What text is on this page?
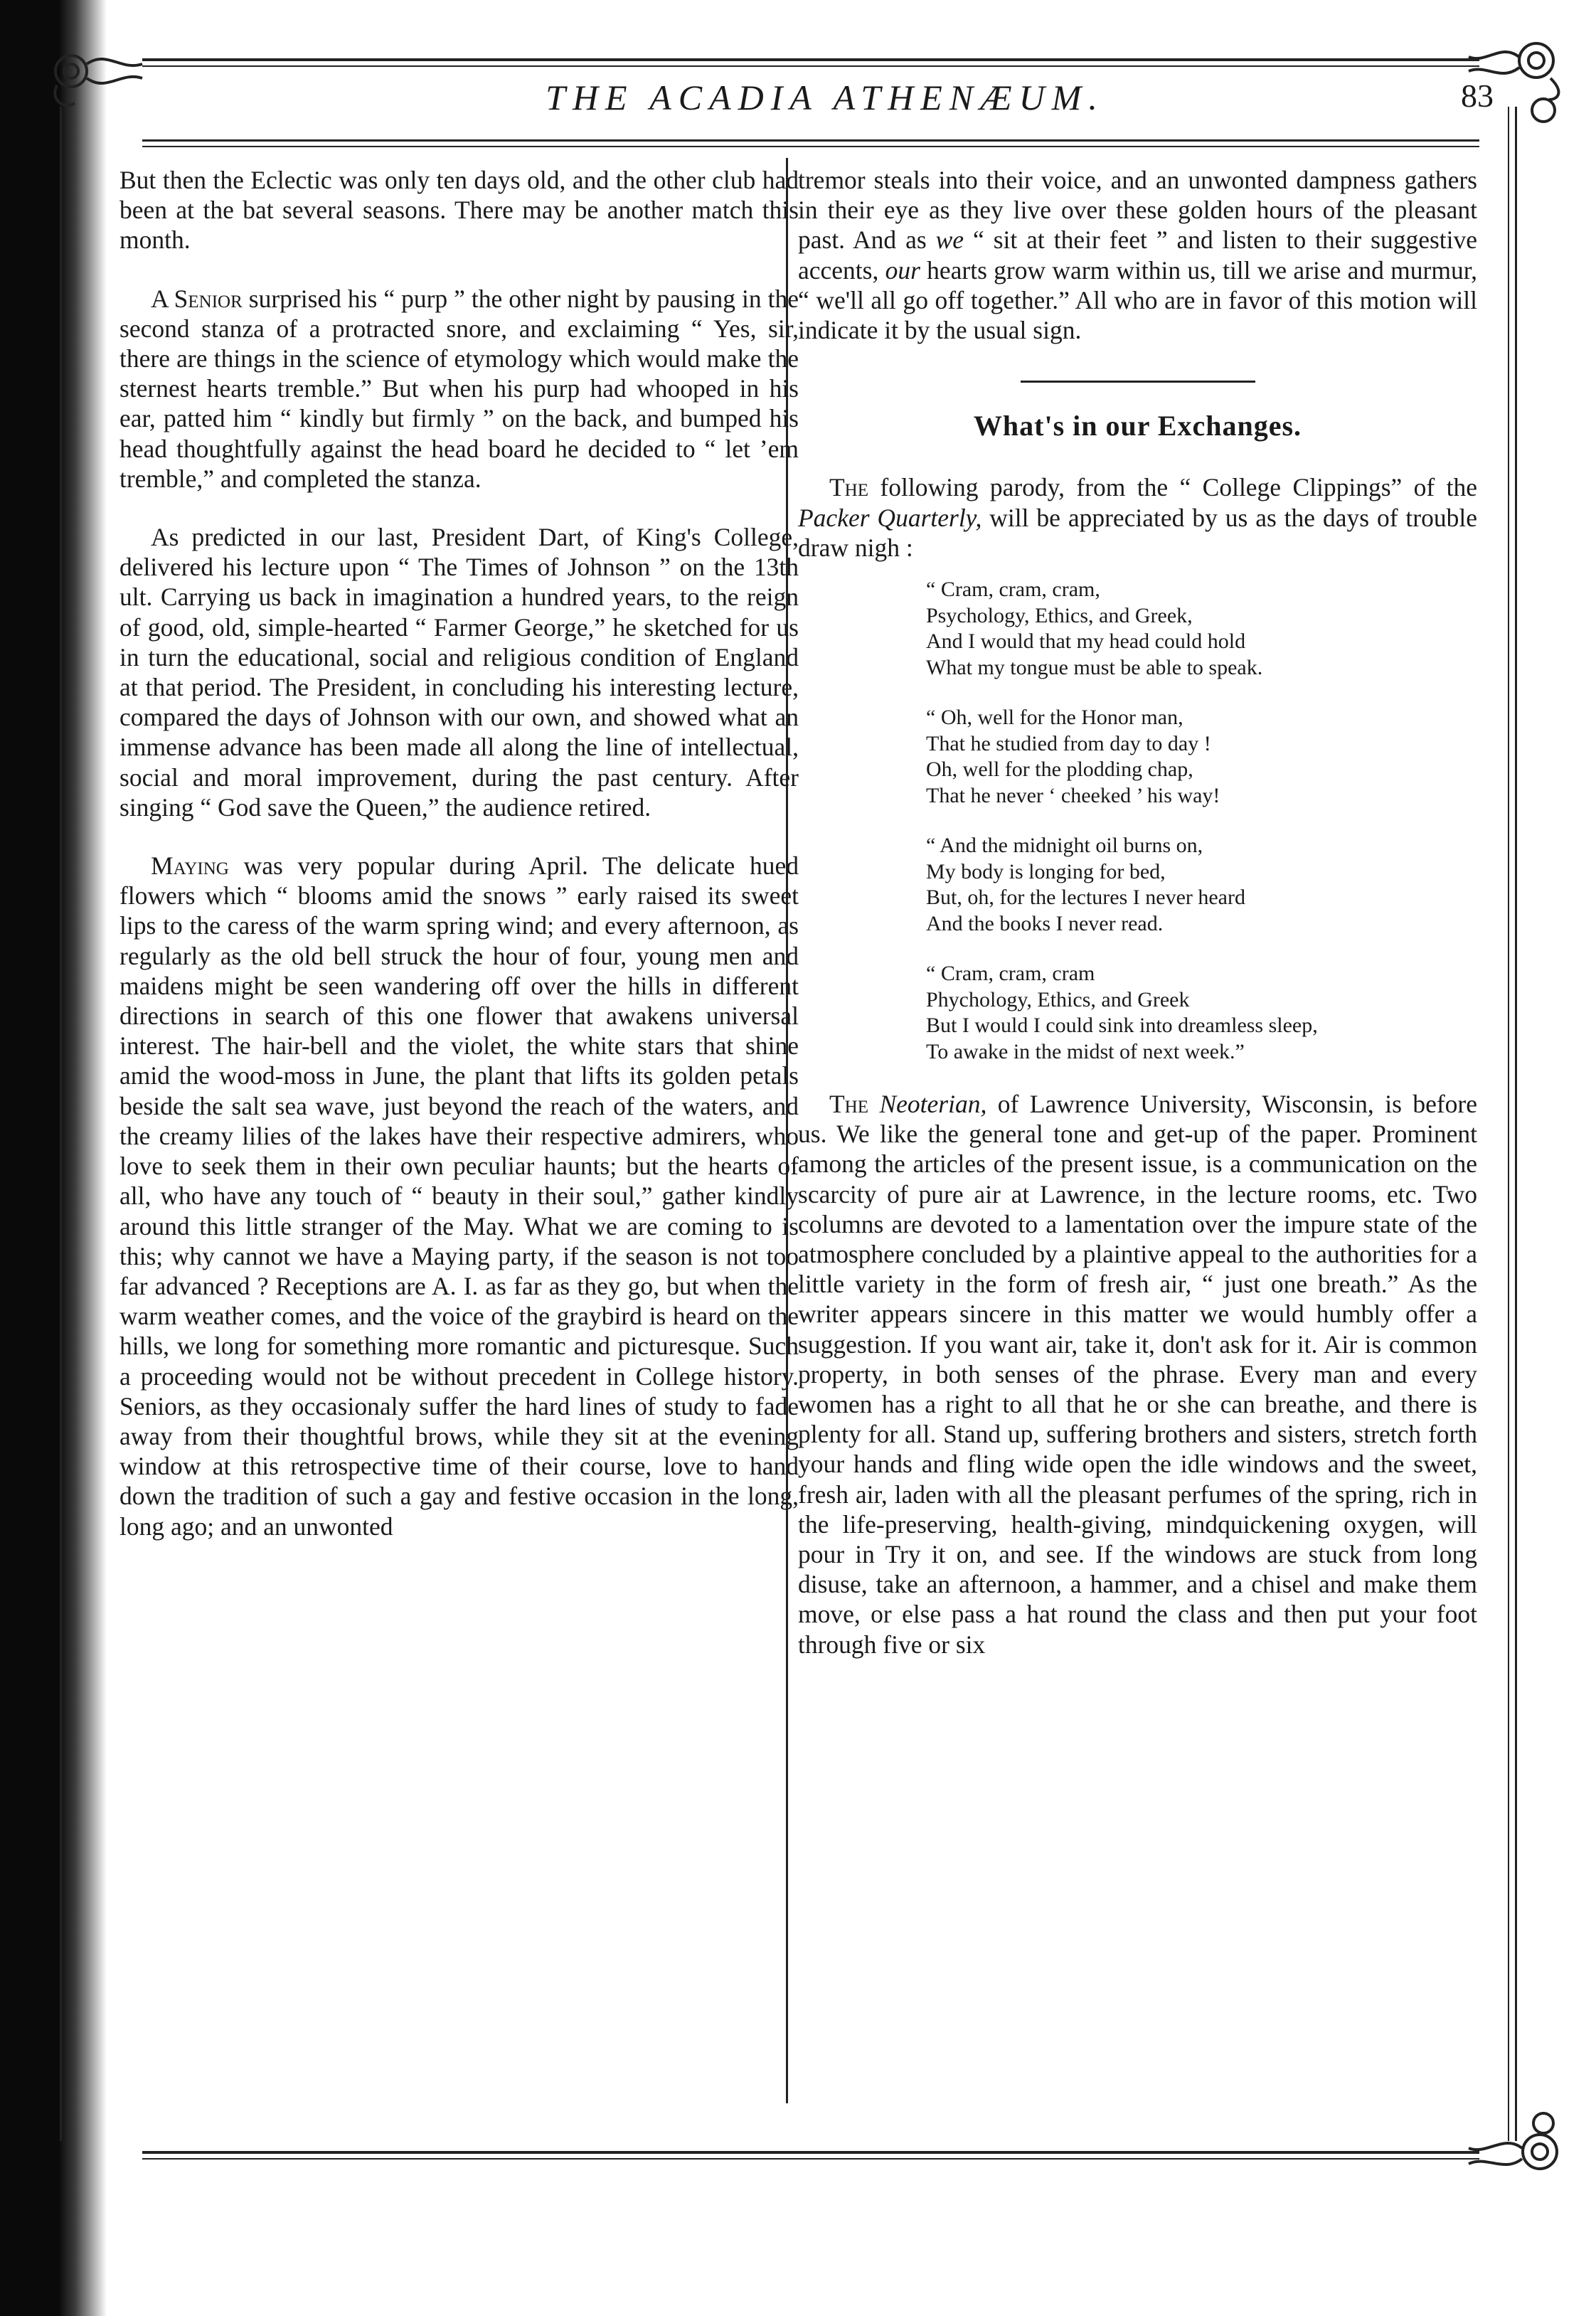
THE ACADIA ATHENÆUM.	83

But then the Eclectic was only ten days old, and the other club had been at the bat several seasons. There may be another match this month.

A Senior surprised his “ purp ” the other night by pausing in the second stanza of a protracted snore, and exclaiming “ Yes, sir, there are things in the science of etymology which would make the sternest hearts tremble.” But when his purp had whooped in his ear, patted him “ kindly but firmly ” on the back, and bumped his head thoughtfully against the head board he decided to “ let ’em tremble,” and completed the stanza.

As predicted in our last, President Dart, of King's College, delivered his lecture upon “ The Times of Johnson ” on the 13th ult. Carrying us back in imagination a hundred years, to the reign of good, old, simple-hearted “ Farmer George,” he sketched for us in turn the educational, social and religious condition of England at that period. The President, in concluding his interesting lecture, compared the days of Johnson with our own, and showed what an immense advance has been made all along the line of intellectual, social and moral improvement, during the past century. After singing “ God save the Queen,” the audience retired.

Maying was very popular during April. The delicate hued flowers which “ blooms amid the snows ” early raised its sweet lips to the caress of the warm spring wind; and every afternoon, as regularly as the old bell struck the hour of four, young men and maidens might be seen wandering off over the hills in different directions in search of this one flower that awakens universal interest. The hair-bell and the violet, the white stars that shine amid the wood-moss in June, the plant that lifts its golden petals beside the salt sea wave, just beyond the reach of the waters, and the creamy lilies of the lakes have their respective admirers, who love to seek them in their own peculiar haunts; but the hearts of all, who have any touch of “ beauty in their soul,” gather kindly around this little stranger of the May. What we are coming to is this; why cannot we have a Maying party, if the season is not too far advanced ? Receptions are A. I. as far as they go, but when the warm weather comes, and the voice of the graybird is heard on the hills, we long for something more romantic and picturesque. Such a proceeding would not be without precedent in College history. Seniors, as they occasionaly suffer the hard lines of study to fade away from their thoughtful brows, while they sit at the evening window at this retrospective time of their course, love to hand down the tradition of such a gay and festive occasion in the long, long ago; and an unwonted

tremor steals into their voice, and an unwonted dampness gathers in their eye as they live over these golden hours of the pleasant past. And as we “ sit at their feet ” and listen to their suggestive accents, our hearts grow warm within us, till we arise and murmur, “ we'll all go off together.” All who are in favor of this motion will indicate it by the usual sign.

What's in our Exchanges.

The following parody, from the “ College Clippings” of the Packer Quarterly, will be appreciated by us as the days of trouble draw nigh :

“ Cram, cram, cram,
Psychology, Ethics, and Greek,
And I would that my head could hold
What my tongue must be able to speak.
“ Oh, well for the Honor man,
That he studied from day to day !
Oh, well for the plodding chap,
That he never ‘ cheeked ’ his way!
“ And the midnight oil burns on,
My body is longing for bed,
But, oh, for the lectures I never heard
And the books I never read.
“ Cram, cram, cram
Phychology, Ethics, and Greek
But I would I could sink into dreamless sleep,
To awake in the midst of next week.”

The Neoterian, of Lawrence University, Wisconsin, is before us. We like the general tone and get-up of the paper. Prominent among the articles of the present issue, is a communication on the scarcity of pure air at Lawrence, in the lecture rooms, etc. Two columns are devoted to a lamentation over the impure state of the atmosphere concluded by a plaintive appeal to the authorities for a little variety in the form of fresh air, “ just one breath.” As the writer appears sincere in this matter we would humbly offer a suggestion. If you want air, take it, don't ask for it. Air is common property, in both senses of the phrase. Every man and every women has a right to all that he or she can breathe, and there is plenty for all. Stand up, suffering brothers and sisters, stretch forth your hands and fling wide open the idle windows and the sweet, fresh air, laden with all the pleasant perfumes of the spring, rich in the life-preserving, health-giving, mindquickening oxygen, will pour in Try it on, and see. If the windows are stuck from long disuse, take an afternoon, a hammer, and a chisel and make them move, or else pass a hat round the class and then put your foot through five or six
